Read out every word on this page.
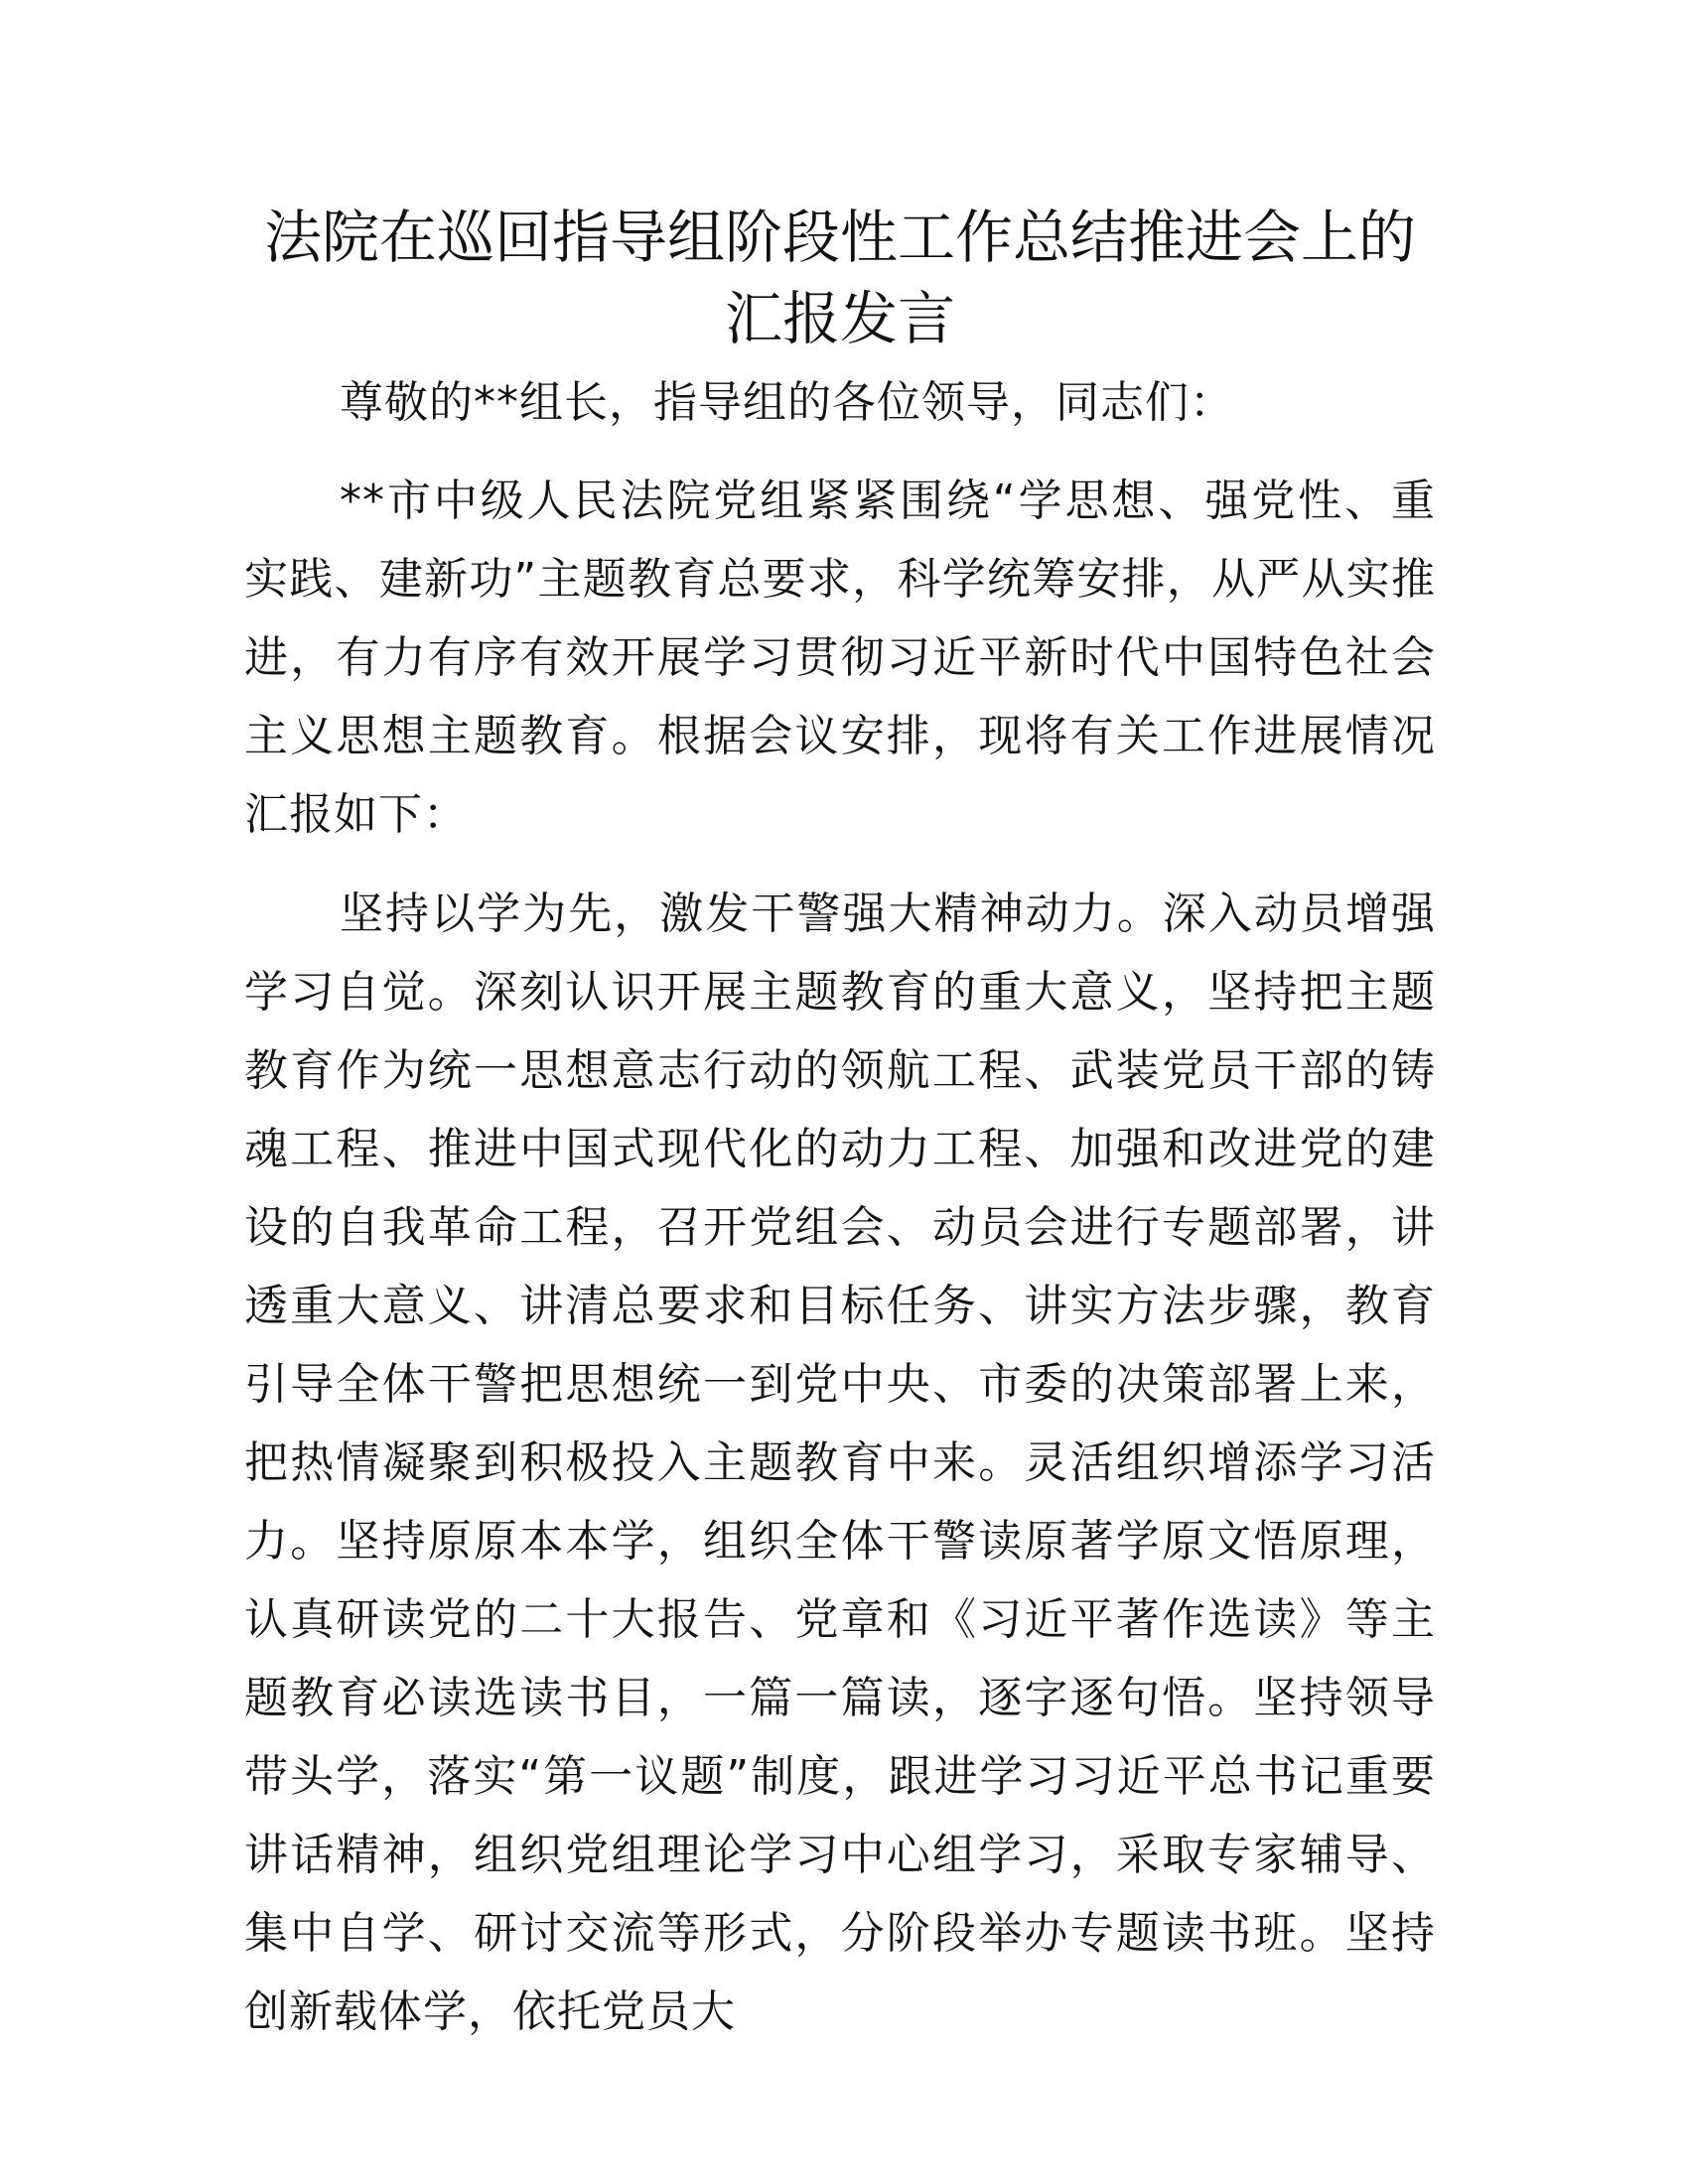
法院在巡回指导组阶段性工作总结推进会上的
汇报发言

尊敬的**组长，指导组的各位领导，同志们：

**市中级人民法院党组紧紧围绕“学思想、强党性、重实践、建新功”主题教育总要求，科学统筹安排，从严从实推进，有力有序有效开展学习贯彻习近平新时代中国特色社会主义思想主题教育。根据会议安排，现将有关工作进展情况汇报如下：

坚持以学为先，激发干警强大精神动力。深入动员增强学习自觉。深刻认识开展主题教育的重大意义，坚持把主题教育作为统一思想意志行动的领航工程、武装党员干部的铸魂工程、推进中国式现代化的动力工程、加强和改进党的建设的自我革命工程，召开党组会、动员会进行专题部署，讲透重大意义、讲清总要求和目标任务、讲实方法步骤，教育引导全体干警把思想统一到党中央、市委的决策部署上来，把热情凝聚到积极投入主题教育中来。灵活组织增添学习活力。坚持原原本本学，组织全体干警读原著学原文悟原理，认真研读党的二十大报告、党章和《习近平著作选读》等主题教育必读选读书目，一篇一篇读，逐字逐句悟。坚持领导带头学，落实“第一议题”制度，跟进学习习近平总书记重要讲话精神，组织党组理论学习中心组学习，采取专家辅导、集中自学、研讨交流等形式，分阶段举办专题读书班。坚持创新载体学，依托党员大
